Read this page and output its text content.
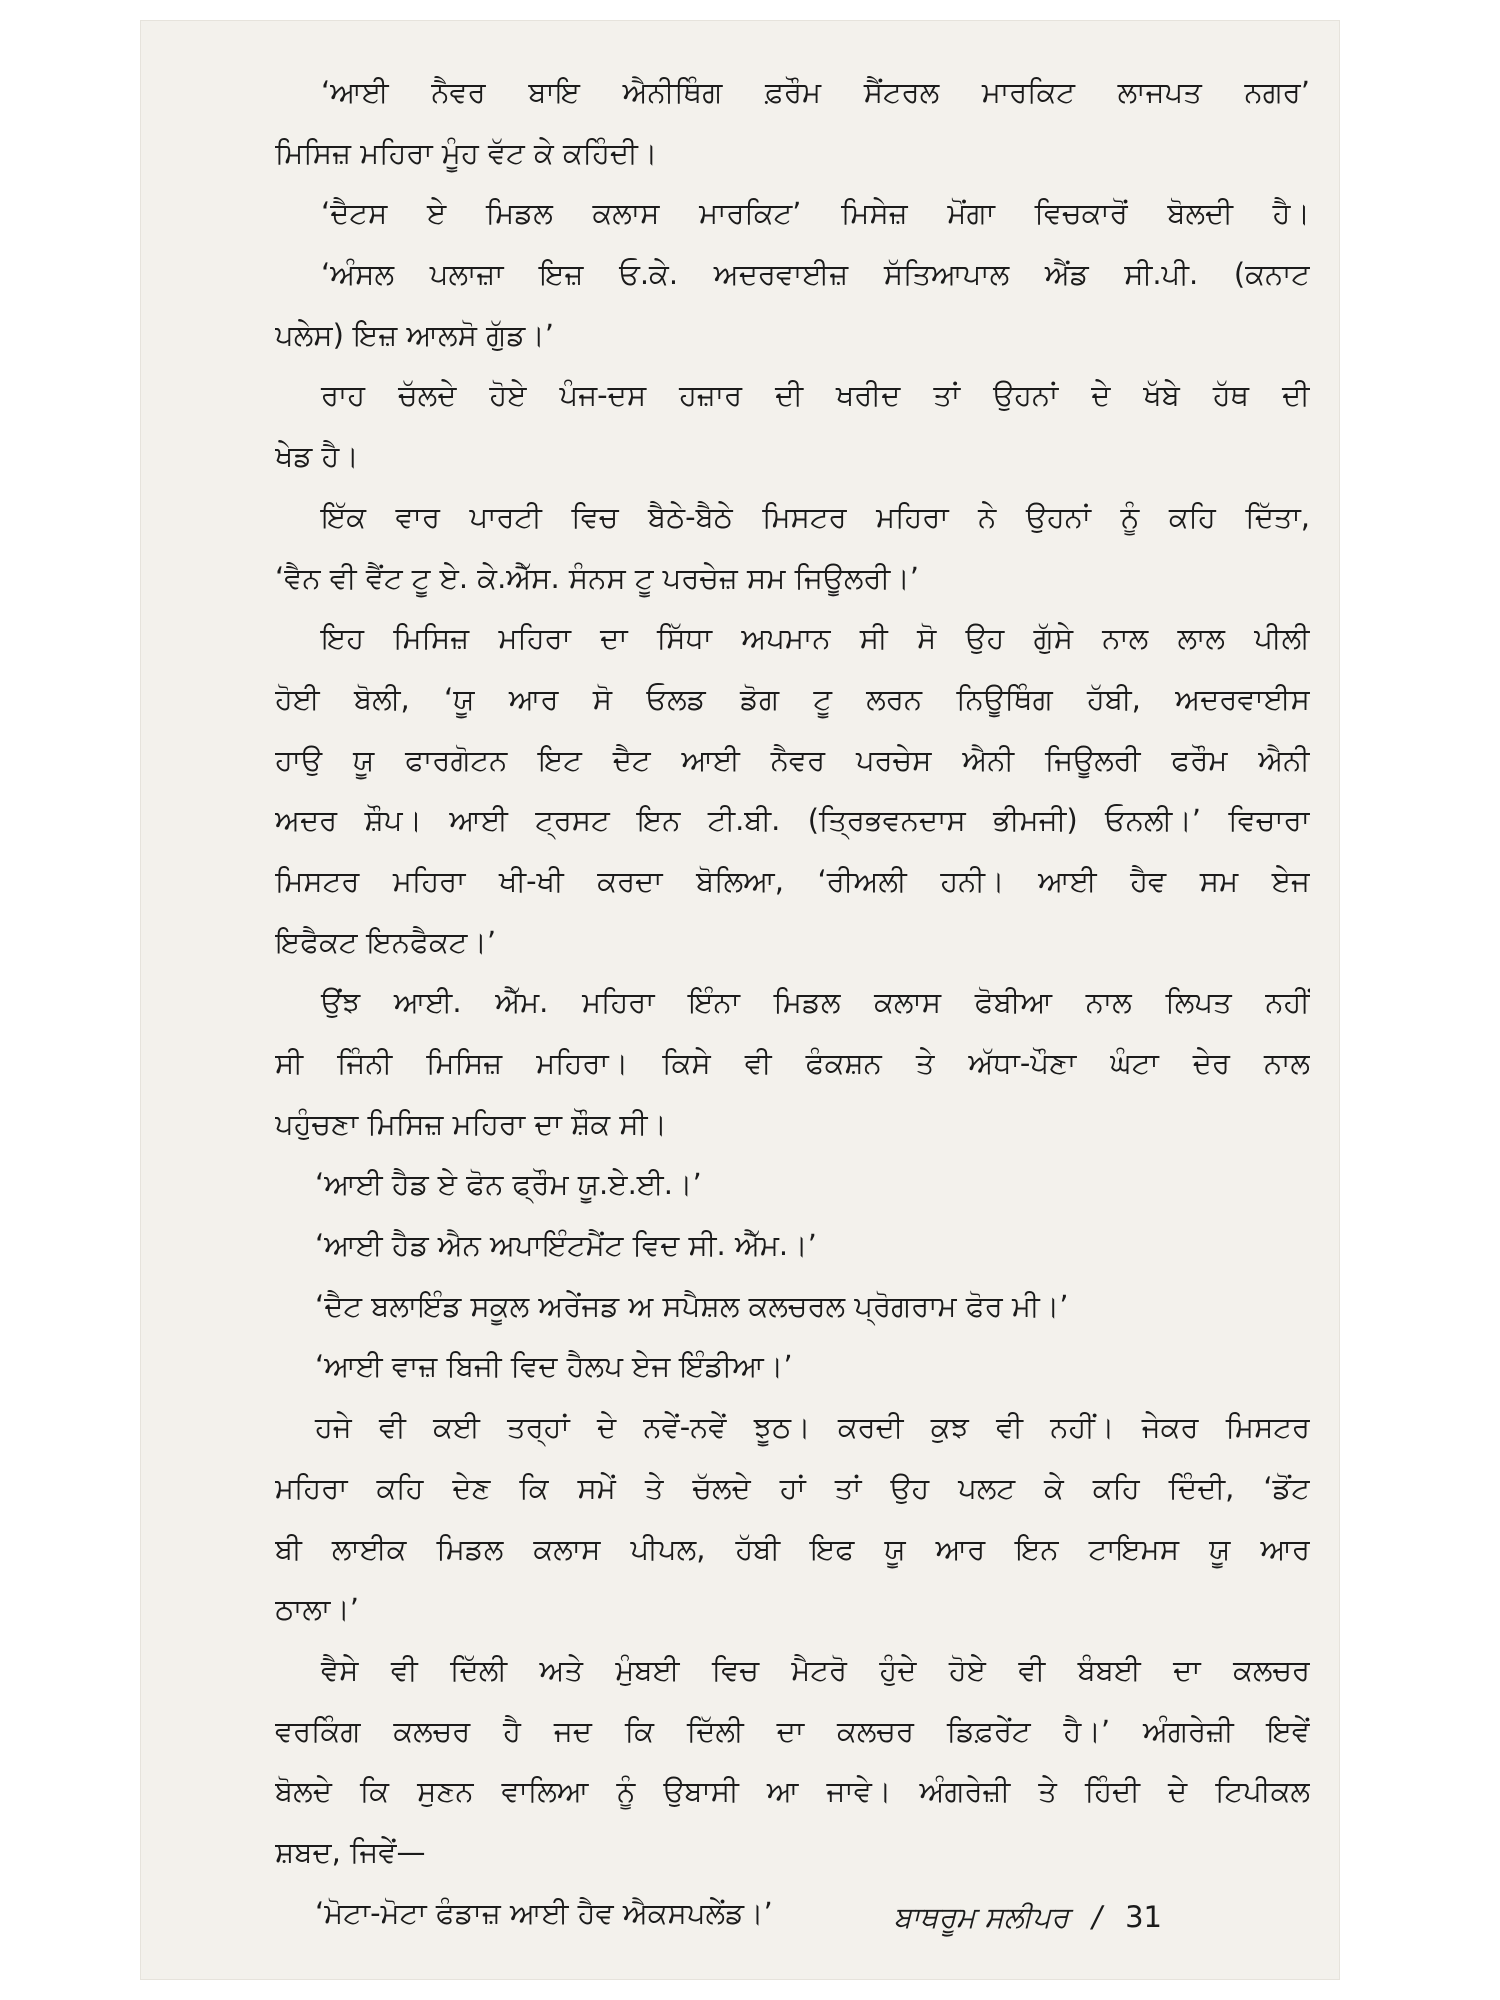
‘ਆਈ ਨੈਵਰ ਬਾਇ ਐਨੀਥਿੰਗ ਫ਼ਰੌਮ ਸੈਂਟਰਲ ਮਾਰਕਿਟ ਲਾਜਪਤ ਨਗਰ’
ਮਿਸਿਜ਼ ਮਹਿਰਾ ਮੂੰਹ ਵੱਟ ਕੇ ਕਹਿੰਦੀ।
‘ਦੈਟਸ ਏ ਮਿਡਲ ਕਲਾਸ ਮਾਰਕਿਟ’ ਮਿਸੇਜ਼ ਮੋਂਗਾ ਵਿਚਕਾਰੋਂ ਬੋਲਦੀ ਹੈ।
‘ਅੰਸਲ ਪਲਾਜ਼ਾ ਇਜ਼ ਓ.ਕੇ. ਅਦਰਵਾਈਜ਼ ਸੱਤਿਆਪਾਲ ਐਂਡ ਸੀ.ਪੀ. (ਕਨਾਟ
ਪਲੇਸ) ਇਜ਼ ਆਲਸੋ ਗੁੱਡ।’
ਰਾਹ ਚੱਲਦੇ ਹੋਏ ਪੰਜ-ਦਸ ਹਜ਼ਾਰ ਦੀ ਖਰੀਦ ਤਾਂ ਉਹਨਾਂ ਦੇ ਖੱਬੇ ਹੱਥ ਦੀ
ਖੇਡ ਹੈ।
ਇੱਕ ਵਾਰ ਪਾਰਟੀ ਵਿਚ ਬੈਠੇ-ਬੈਠੇ ਮਿਸਟਰ ਮਹਿਰਾ ਨੇ ਉਹਨਾਂ ਨੂੰ ਕਹਿ ਦਿੱਤਾ,
‘ਵੈਨ ਵੀ ਵੈਂਟ ਟੂ ਏ. ਕੇ.ਐੱਸ. ਸੰਨਸ ਟੂ ਪਰਚੇਜ਼ ਸਮ ਜਿਊਲਰੀ।’
ਇਹ ਮਿਸਿਜ਼ ਮਹਿਰਾ ਦਾ ਸਿੱਧਾ ਅਪਮਾਨ ਸੀ ਸੋ ਉਹ ਗੁੱਸੇ ਨਾਲ ਲਾਲ ਪੀਲੀ
ਹੋਈ ਬੋਲੀ, ‘ਯੂ ਆਰ ਸੋ ਓਲਡ ਡੋਗ ਟੂ ਲਰਨ ਨਿਊਥਿੰਗ ਹੱਬੀ, ਅਦਰਵਾਈਸ
ਹਾਉ ਯੂ ਫਾਰਗੋਟਨ ਇਟ ਦੈਟ ਆਈ ਨੈਵਰ ਪਰਚੇਸ ਐਨੀ ਜਿਊਲਰੀ ਫਰੌਮ ਐਨੀ
ਅਦਰ ਸ਼ੌਪ। ਆਈ ਟ੍ਰਸਟ ਇਨ ਟੀ.ਬੀ. (ਤ੍ਰਿਭਵਨਦਾਸ ਭੀਮਜੀ) ਓਨਲੀ।’ ਵਿਚਾਰਾ
ਮਿਸਟਰ ਮਹਿਰਾ ਖੀ-ਖੀ ਕਰਦਾ ਬੋਲਿਆ, ‘ਰੀਅਲੀ ਹਨੀ। ਆਈ ਹੈਵ ਸਮ ਏਜ
ਇਫੈਕਟ ਇਨਫੈਕਟ।’
ਉਂਝ ਆਈ. ਐੱਮ. ਮਹਿਰਾ ਇੰਨਾ ਮਿਡਲ ਕਲਾਸ ਫੋਬੀਆ ਨਾਲ ਲਿਪਤ ਨਹੀਂ
ਸੀ ਜਿੰਨੀ ਮਿਸਿਜ਼ ਮਹਿਰਾ। ਕਿਸੇ ਵੀ ਫੰਕਸ਼ਨ ਤੇ ਅੱਧਾ-ਪੌਣਾ ਘੰਟਾ ਦੇਰ ਨਾਲ
ਪਹੁੰਚਣਾ ਮਿਸਿਜ਼ ਮਹਿਰਾ ਦਾ ਸ਼ੌਕ ਸੀ।
‘ਆਈ ਹੈਡ ਏ ਫੋਨ ਫ੍ਰੌਮ ਯੂ.ਏ.ਈ.।’
‘ਆਈ ਹੈਡ ਐਨ ਅਪਾਇੰਟਮੈਂਟ ਵਿਦ ਸੀ. ਐੱਮ.।’
‘ਦੈਟ ਬਲਾਇੰਡ ਸਕੂਲ ਅਰੇਂਜਡ ਅ ਸਪੈਸ਼ਲ ਕਲਚਰਲ ਪ੍ਰੋਗਰਾਮ ਫੋਰ ਮੀ।’
‘ਆਈ ਵਾਜ਼ ਬਿਜੀ ਵਿਦ ਹੈਲਪ ਏਜ ਇੰਡੀਆ।’
ਹਜੇ ਵੀ ਕਈ ਤਰ੍ਹਾਂ ਦੇ ਨਵੇਂ-ਨਵੇਂ ਝੂਠ। ਕਰਦੀ ਕੁਝ ਵੀ ਨਹੀਂ। ਜੇਕਰ ਮਿਸਟਰ
ਮਹਿਰਾ ਕਹਿ ਦੇਣ ਕਿ ਸਮੇਂ ਤੇ ਚੱਲਦੇ ਹਾਂ ਤਾਂ ਉਹ ਪਲਟ ਕੇ ਕਹਿ ਦਿੰਦੀ, ‘ਡੋਂਟ
ਬੀ ਲਾਈਕ ਮਿਡਲ ਕਲਾਸ ਪੀਪਲ, ਹੱਬੀ ਇਫ ਯੂ ਆਰ ਇਨ ਟਾਇਮਸ ਯੂ ਆਰ
ਠਾਲਾ।’
ਵੈਸੇ ਵੀ ਦਿੱਲੀ ਅਤੇ ਮੁੰਬਈ ਵਿਚ ਮੈਟਰੋ ਹੁੰਦੇ ਹੋਏ ਵੀ ਬੰਬਈ ਦਾ ਕਲਚਰ
ਵਰਕਿੰਗ ਕਲਚਰ ਹੈ ਜਦ ਕਿ ਦਿੱਲੀ ਦਾ ਕਲਚਰ ਡਿਫ਼ਰੇਂਟ ਹੈ।’ ਅੰਗਰੇਜ਼ੀ ਇਵੇਂ
ਬੋਲਦੇ ਕਿ ਸੁਣਨ ਵਾਲਿਆ ਨੂੰ ਉਬਾਸੀ ਆ ਜਾਵੇ। ਅੰਗਰੇਜ਼ੀ ਤੇ ਹਿੰਦੀ ਦੇ ਟਿਪੀਕਲ
ਸ਼ਬਦ, ਜਿਵੇਂ—
‘ਮੋਟਾ-ਮੋਟਾ ਫੰਡਾਜ਼ ਆਈ ਹੈਵ ਐਕਸਪਲੇਂਡ।’	ਬਾਥਰੂਮ ਸਲੀਪਰ / 31
